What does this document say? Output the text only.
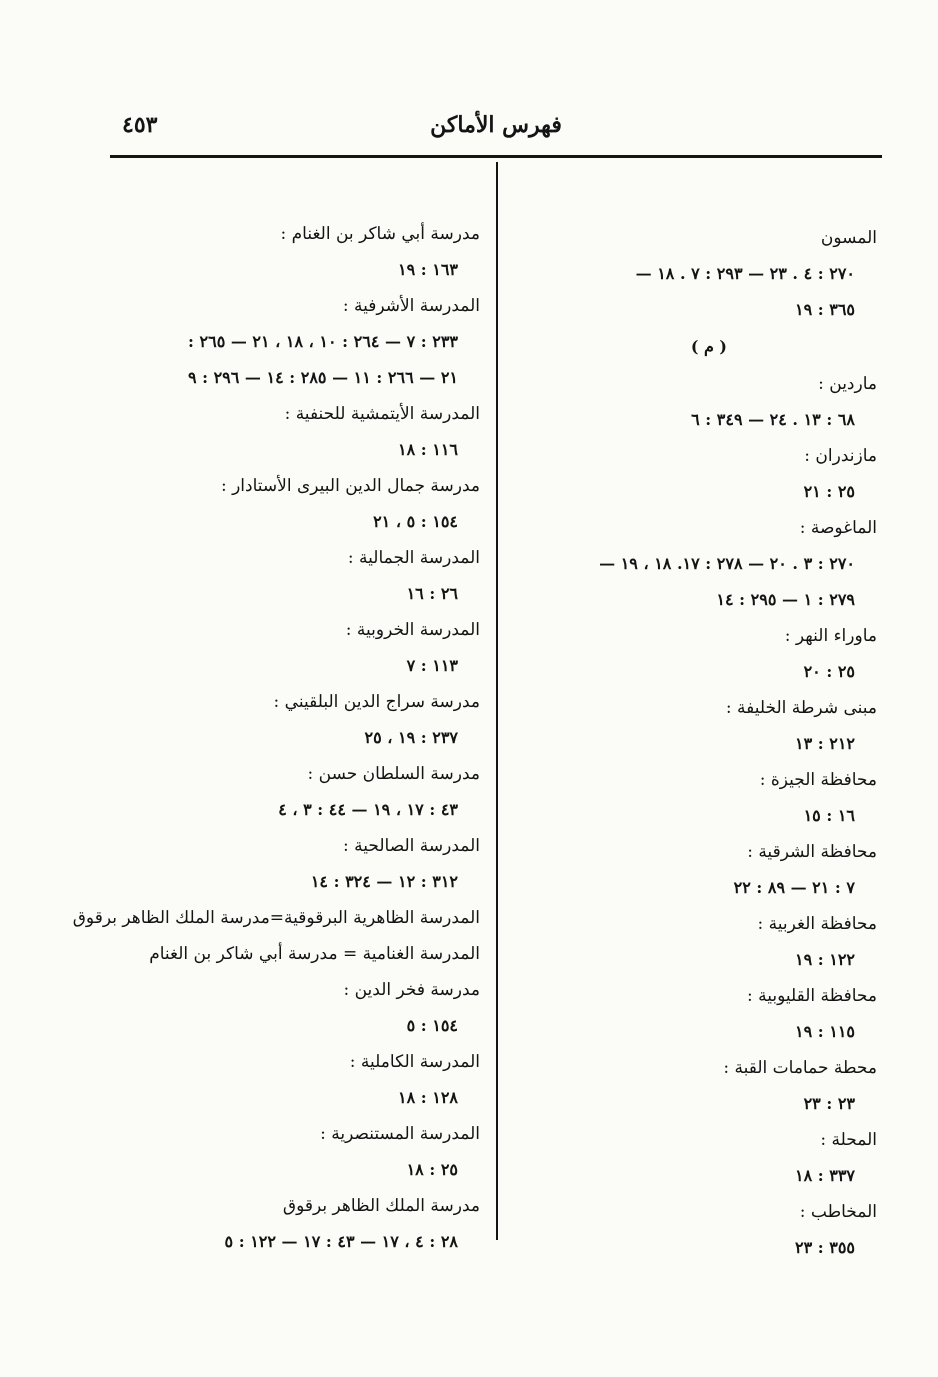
فهرس الأماكن
٤٥٣
المسون
٢٧٠ : ٤ . ٢٣ — ٢٩٣ : ٧ . ١٨ —
٣٦٥ : ١٩
( م )
ماردين :
٦٨ : ١٣ . ٢٤ — ٣٤٩ : ٦
مازندران :
٢٥ : ٢١
الماغوصة :
٢٧٠ : ٣ . ٢٠ — ٢٧٨ : ١٧. ١٨ ، ١٩ —
٢٧٩ : ١ — ٢٩٥ : ١٤
ماوراء النهر :
٢٥ : ٢٠
مبنى شرطة الخليفة :
٢١٢ : ١٣
محافظة الجيزة :
١٦ : ١٥
محافظة الشرقية :
٧ : ٢١ — ٨٩ : ٢٢
محافظة الغربية :
١٢٢ : ١٩
محافظة القليوبية :
١١٥ : ١٩
محطة حمامات القبة :
٢٣ : ٢٣
المحلة :
٣٣٧ : ١٨
المخاطب :
٣٥٥ : ٢٣
مدرسة أبي شاكر بن الغنام :
١٦٣ : ١٩
المدرسة الأشرفية :
٢٣٣ : ٧ — ٢٦٤ : ١٠ ، ١٨ ، ٢١ — ٢٦٥ :
٢١ — ٢٦٦ : ١١ — ٢٨٥ : ١٤ — ٢٩٦ : ٩
المدرسة الأيتمشية للحنفية :
١١٦ : ١٨
مدرسة جمال الدين البيرى الأستادار :
١٥٤ : ٥ ، ٢١
المدرسة الجمالية :
٢٦ : ١٦
المدرسة الخروبية :
١١٣ : ٧
مدرسة سراج الدين البلقيني :
٢٣٧ : ١٩ ، ٢٥
مدرسة السلطان حسن :
٤٣ : ١٧ ، ١٩ — ٤٤ : ٣ ، ٤
المدرسة الصالحية :
٣١٢ : ١٢ — ٣٢٤ : ١٤
المدرسة الظاهرية البرقوقية=مدرسة الملك الظاهر برقوق
المدرسة الغنامية = مدرسة أبي شاكر بن الغنام
مدرسة فخر الدين :
١٥٤ : ٥
المدرسة الكاملية :
١٢٨ : ١٨
المدرسة المستنصرية :
٢٥ : ١٨
مدرسة الملك الظاهر برقوق
٢٨ : ٤ ، ١٧ — ٤٣ : ١٧ — ١٢٢ : ٥
